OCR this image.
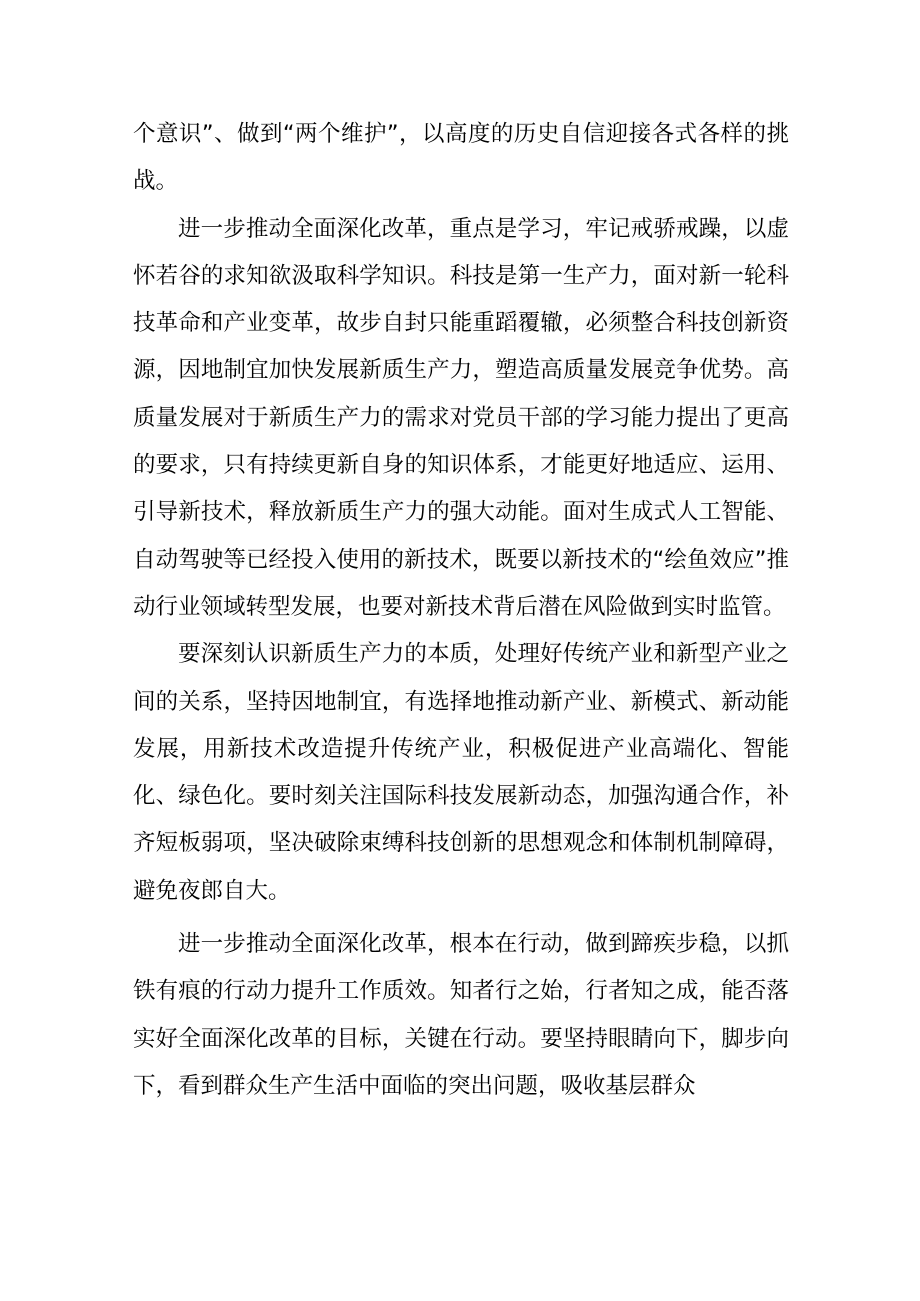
个意识”、做到“两个维护”，以高度的历史自信迎接各式各样的挑战。

进一步推动全面深化改革，重点是学习，牢记戒骄戒躁，以虚怀若谷的求知欲汲取科学知识。科技是第一生产力，面对新一轮科技革命和产业变革，故步自封只能重蹈覆辙，必须整合科技创新资源，因地制宜加快发展新质生产力，塑造高质量发展竞争优势。高质量发展对于新质生产力的需求对党员干部的学习能力提出了更高的要求，只有持续更新自身的知识体系，才能更好地适应、运用、引导新技术，释放新质生产力的强大动能。面对生成式人工智能、自动驾驶等已经投入使用的新技术，既要以新技术的“绘鱼效应”推动行业领域转型发展，也要对新技术背后潜在风险做到实时监管。

要深刻认识新质生产力的本质，处理好传统产业和新型产业之间的关系，坚持因地制宜，有选择地推动新产业、新模式、新动能发展，用新技术改造提升传统产业，积极促进产业高端化、智能化、绿色化。要时刻关注国际科技发展新动态，加强沟通合作，补齐短板弱项，坚决破除束缚科技创新的思想观念和体制机制障碍，避免夜郎自大。

进一步推动全面深化改革，根本在行动，做到蹄疾步稳，以抓铁有痕的行动力提升工作质效。知者行之始，行者知之成，能否落实好全面深化改革的目标，关键在行动。要坚持眼睛向下，脚步向下，看到群众生产生活中面临的突出问题，吸收基层群众
